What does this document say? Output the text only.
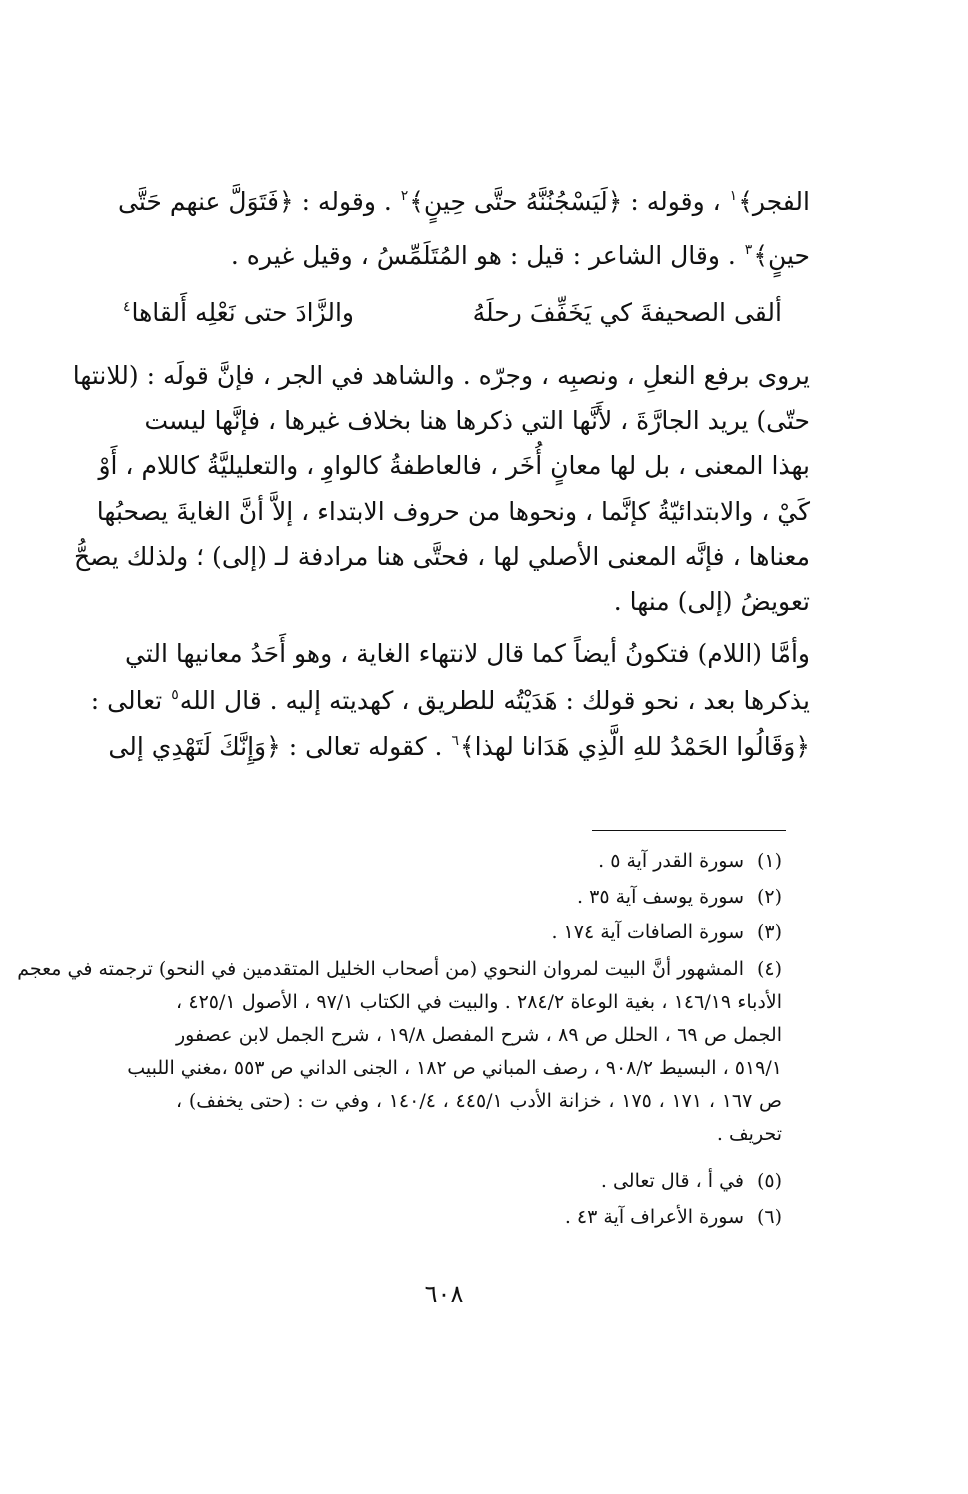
الفجر﴾$^١$ ، وقوله : ﴿لَيَسْجُنُنَّهُ حتَّى حِينٍ﴾$^٢$ . وقوله : ﴿فَتَوَلَّ عنهم حَتَّى
حينٍ﴾$^٣$ . وقال الشاعر : قيل : هو المُتَلَمِّسُ ، وقيل غيره .
ألقى الصحيفةَ كي يَخَفِّفَ رحلَهُ
والزَّادَ حتى نَعْلِه أَلقاها$^٤$
يروى برفع النعلِ ، ونصبِه ، وجرّه . والشاهد في الجر ، فإنَّ قولَه : (للانتها
حتّى) يريد الجارَّةَ ، لأَنَّها التي ذكرها هنا بخلاف غيرها ، فإنَّها ليست
بهذا المعنى ، بل لها معانٍ أُخَر ، فالعاطفةُ كالواوِ ، والتعليليَّةُ كاللام ، أَوْ
كَيْ ، والابتدائيّةُ كإنَّما ، ونحوها من حروف الابتداء ، إلاَّ أنَّ الغايةَ يصحبُها
معناها ، فإنَّه المعنى الأصلي لها ، فحتَّى هنا مرادفة لـ (إلى) ؛ ولذلك يصحُّ
تعويضُ (إلى) منها .
وأمَّا (اللام) فتكونُ أيضاً كما قال لانتهاء الغاية ، وهو أَحَدُ معانيها التي
يذكرها بعد ، نحو قولك : هَدَيْتُه للطريق ، كهديته إليه . قال الله$^٥$ تعالى :
﴿وَقَالُوا الحَمْدُ للهِ الَّذِي هَدَانا لهذا﴾$^٦$ . كقوله تعالى : ﴿وَإِنَّكَ لَتَهْدِي إلى
(١)
سورة القدر آية ٥ .
(٢)
سورة يوسف آية ٣٥ .
(٣)
سورة الصافات آية ١٧٤ .
(٤)
المشهور أنَّ البيت لمروان النحوي (من أصحاب الخليل المتقدمين في النحو) ترجمته في معجم
الأدباء ١٤٦/١٩ ، بغية الوعاة ٢٨٤/٢ . والبيت في الكتاب ٩٧/١ ، الأصول ٤٢٥/١ ،
الجمل ص ٦٩ ، الحلل ص ٨٩ ، شرح المفصل ١٩/٨ ، شرح الجمل لابن عصفور
٥١٩/١ ، البسيط ٩٠٨/٢ ، رصف المباني ص ١٨٢ ، الجنى الداني ص ٥٥٣ ،مغني اللبيب
ص ١٦٧ ، ١٧١ ، ١٧٥ ، خزانة الأدب ٤٤٥/١ ، ١٤٠/٤ ، وفي ت : (حتى يخفف) ،
تحريف .
(٥)
في أ ، قال تعالى .
(٦)
سورة الأعراف آية ٤٣ .
٦٠٨
